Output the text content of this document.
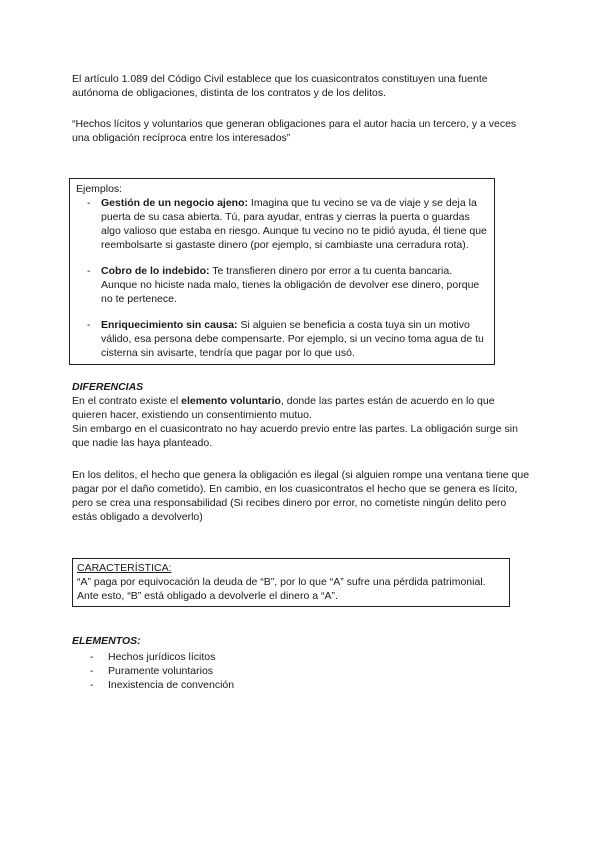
El artículo 1.089 del Código Civil establece que los cuasicontratos constituyen una fuente autónoma de obligaciones, distinta de los contratos y de los delitos.

“Hechos lícitos y voluntarios que generan obligaciones para el autor hacia un tercero, y a veces una obligación recíproca entre los interesados”

Ejemplos:

- Gestión de un negocio ajeno: Imagina que tu vecino se va de viaje y se deja la puerta de su casa abierta. Tú, para ayudar, entras y cierras la puerta o guardas algo valioso que estaba en riesgo. Aunque tu vecino no te pidió ayuda, él tiene que reembolsarte si gastaste dinero (por ejemplo, si cambiaste una cerradura rota).
- Cobro de lo indebido: Te transfieren dinero por error a tu cuenta bancaria. Aunque no hiciste nada malo, tienes la obligación de devolver ese dinero, porque no te pertenece.
- Enriquecimiento sin causa: Si alguien se beneficia a costa tuya sin un motivo válido, esa persona debe compensarte. Por ejemplo, si un vecino toma agua de tu cisterna sin avisarte, tendría que pagar por lo que usó.

DIFERENCIAS

En el contrato existe el elemento voluntario, donde las partes están de acuerdo en lo que quieren hacer, existiendo un consentimiento mutuo.

Sin embargo en el cuasicontrato no hay acuerdo previo entre las partes. La obligación surge sin que nadie las haya planteado.

En los delitos, el hecho que genera la obligación es ilegal (si alguien rompe una ventana tiene que pagar por el daño cometido). En cambio, en los cuasicontratos el hecho que se genera es lícito, pero se crea una responsabilidad (Si recibes dinero por error, no cometiste ningún delito pero estás obligado a devolverlo)

CARACTERÍSTICA:

“A” paga por equivocación la deuda de “B”, por lo que “A” sufre una pérdida patrimonial. Ante esto, “B” está obligado a devolverle el dinero a “A”.

ELEMENTOS:

- Hechos jurídicos lícitos
- Puramente voluntarios
- Inexistencia de convención
